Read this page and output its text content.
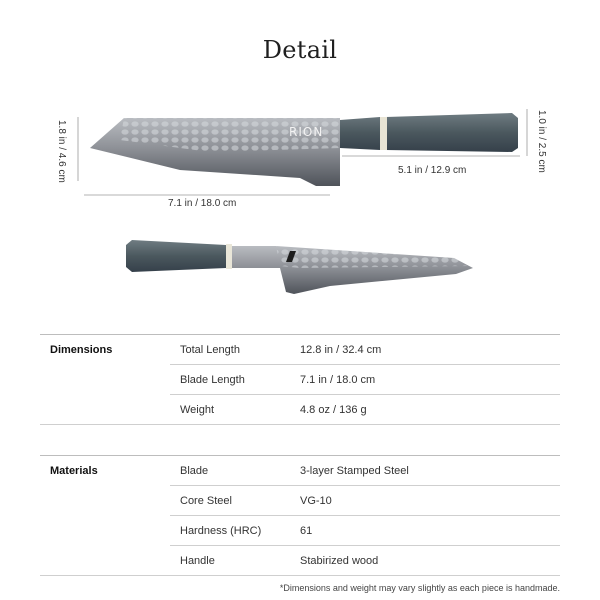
Detail
RION
1.8 in / 4.6 cm
7.1 in / 18.0 cm
5.1 in / 12.9 cm	1.0 in / 2.5 cm
Dimensions	Total Length	12.8 in / 32.4 cm
Blade Length	7.1 in / 18.0 cm
Weight	4.8 oz / 136 g
Materials	Blade	3-layer Stamped Steel
Core Steel	VG-10
Hardness (HRC)	61
Handle	Stabirized wood
*Dimensions and weight may vary slightly as each piece is handmade.
